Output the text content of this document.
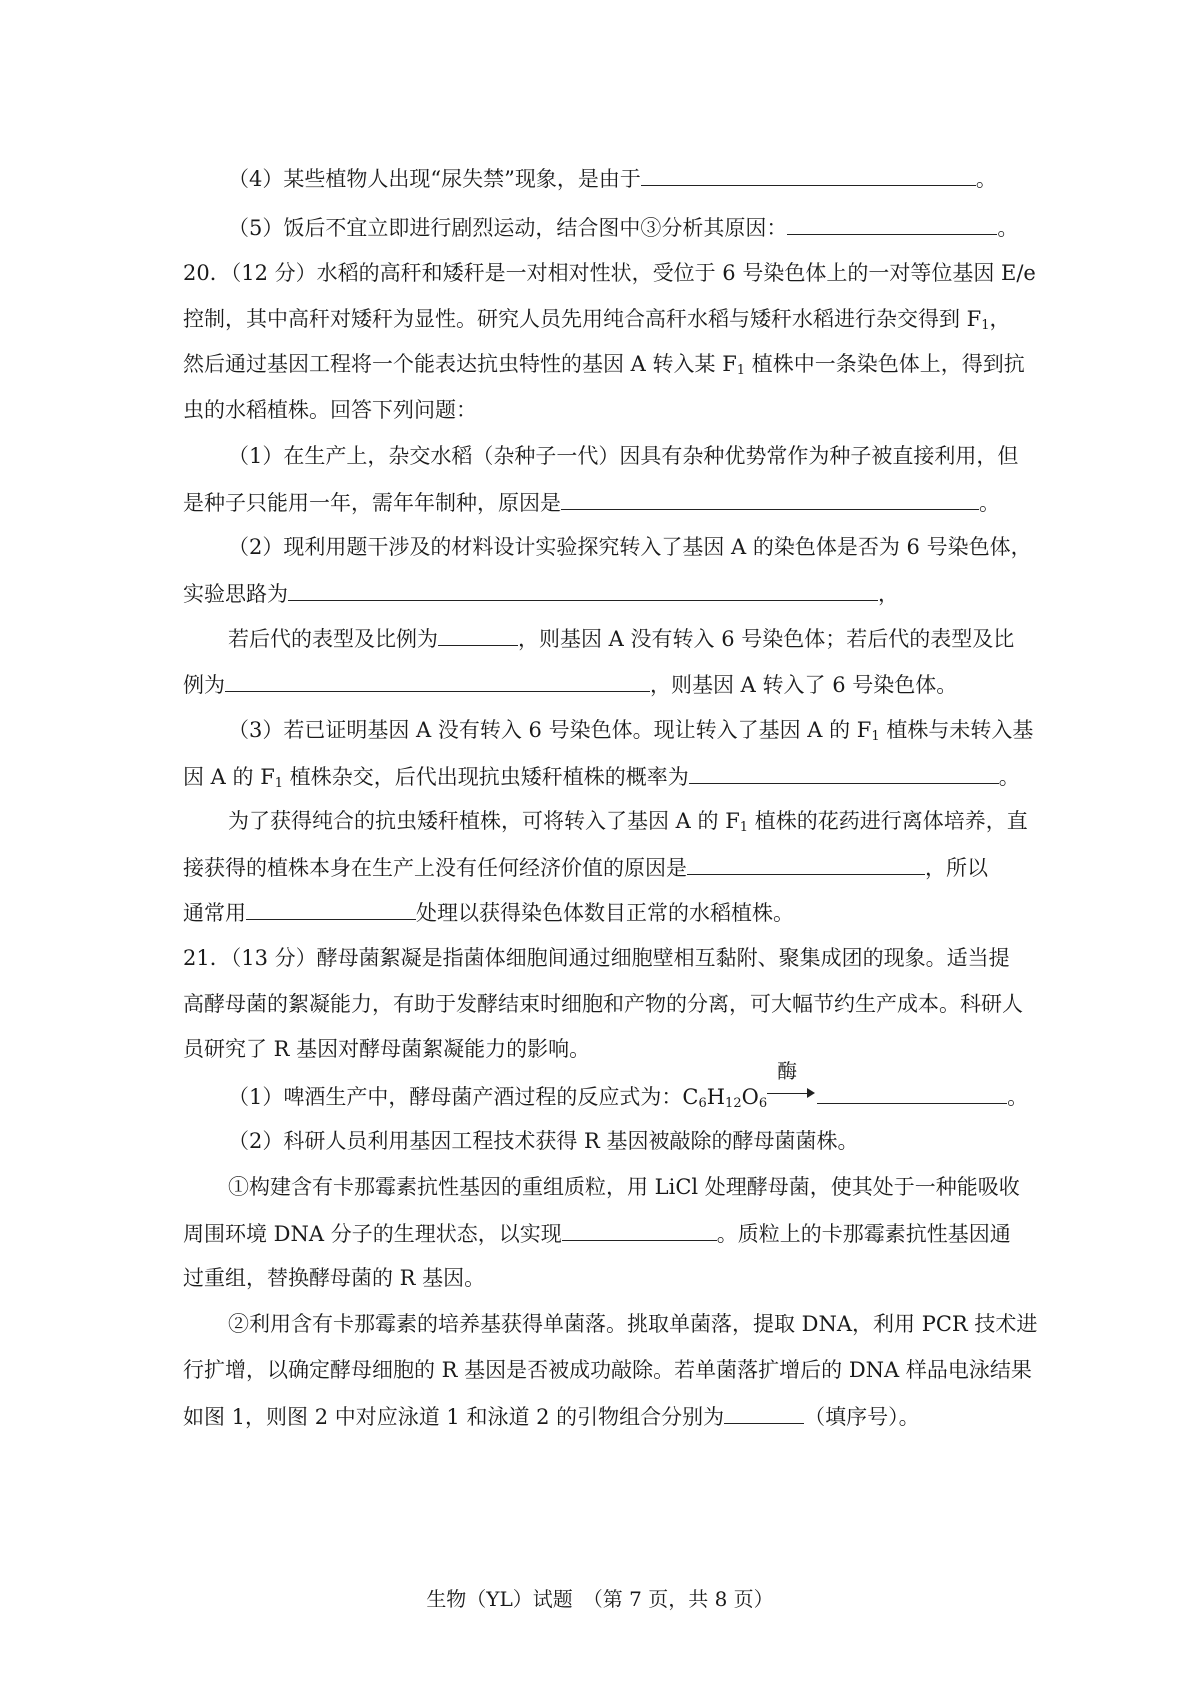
（4）某些植物人出现“尿失禁”现象，是由于	。
（5）饭后不宜立即进行剧烈运动，结合图中③分析其原因：	。
20．（12 分）水稻的高秆和矮秆是一对相对性状，受位于 6 号染色体上的一对等位基因 E/e
控制，其中高秆对矮秆为显性。研究人员先用纯合高秆水稻与矮秆水稻进行杂交得到 $F_1$，
然后通过基因工程将一个能表达抗虫特性的基因 A 转入某 $F_1$ 植株中一条染色体上，得到抗
虫的水稻植株。回答下列问题：
（1）在生产上，杂交水稻（杂种子一代）因具有杂种优势常作为种子被直接利用，但
是种子只能用一年，需年年制种，原因是	。
（2）现利用题干涉及的材料设计实验探究转入了基因 A 的染色体是否为 6 号染色体，
实验思路为	，
若后代的表型及比例为	，则基因 A 没有转入 6 号染色体；若后代的表型及比
例为	，则基因 A 转入了 6 号染色体。
（3）若已证明基因 A 没有转入 6 号染色体。现让转入了基因 A 的 $F_1$ 植株与未转入基
因 A 的 $F_1$ 植株杂交，后代出现抗虫矮秆植株的概率为	。
为了获得纯合的抗虫矮秆植株，可将转入了基因 A 的 $F_1$ 植株的花药进行离体培养，直
接获得的植株本身在生产上没有任何经济价值的原因是	，所以
通常用	处理以获得染色体数目正常的水稻植株。
21．（13 分）酵母菌絮凝是指菌体细胞间通过细胞壁相互黏附、聚集成团的现象。适当提
高酵母菌的絮凝能力，有助于发酵结束时细胞和产物的分离，可大幅节约生产成本。科研人
员研究了 R 基因对酵母菌絮凝能力的影响。
（1）啤酒生产中，酵母菌产酒过程的反应式为：$C_6H_{12}O_6$
酶
。
（2）科研人员利用基因工程技术获得 R 基因被敲除的酵母菌菌株。
①构建含有卡那霉素抗性基因的重组质粒，用 LiCl 处理酵母菌，使其处于一种能吸收
周围环境 DNA 分子的生理状态，以实现	。质粒上的卡那霉素抗性基因通
过重组，替换酵母菌的 R 基因。
②利用含有卡那霉素的培养基获得单菌落。挑取单菌落，提取 DNA，利用 PCR 技术进
行扩增，以确定酵母细胞的 R 基因是否被成功敲除。若单菌落扩增后的 DNA 样品电泳结果
如图 1，则图 2 中对应泳道 1 和泳道 2 的引物组合分别为	（填序号）。
生物（YL）试题　（第 7 页，共 8 页）
